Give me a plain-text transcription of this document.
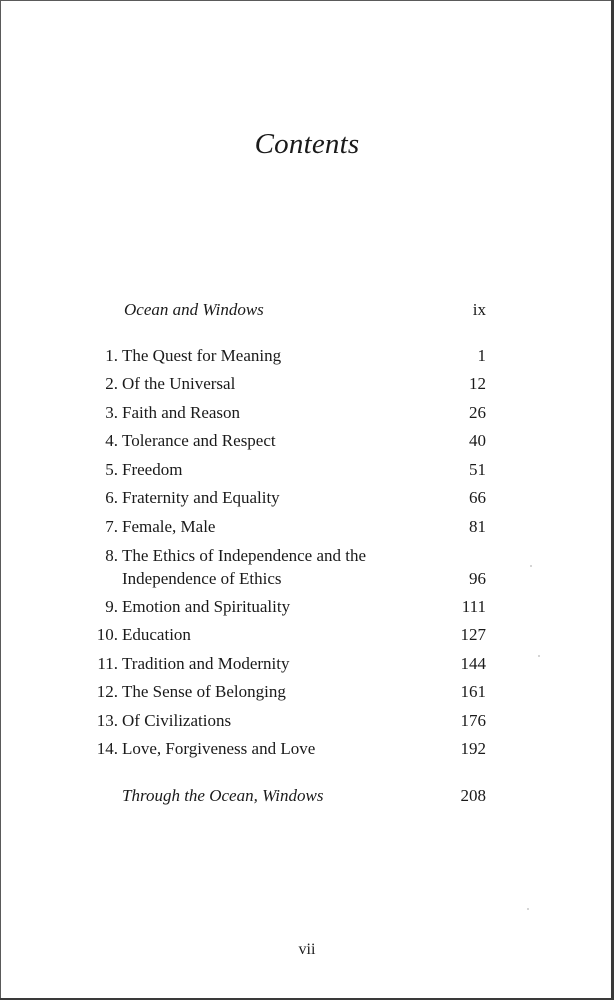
Contents
Ocean and Windows	ix
1. The Quest for Meaning	1
2. Of the Universal	12
3. Faith and Reason	26
4. Tolerance and Respect	40
5. Freedom	51
6. Fraternity and Equality	66
7. Female, Male	81
8. The Ethics of Independence and the
Independence of Ethics	96
9. Emotion and Spirituality	111
10. Education	127
11. Tradition and Modernity	144
12. The Sense of Belonging	161
13. Of Civilizations	176
14. Love, Forgiveness and Love	192
Through the Ocean, Windows	208
vii
